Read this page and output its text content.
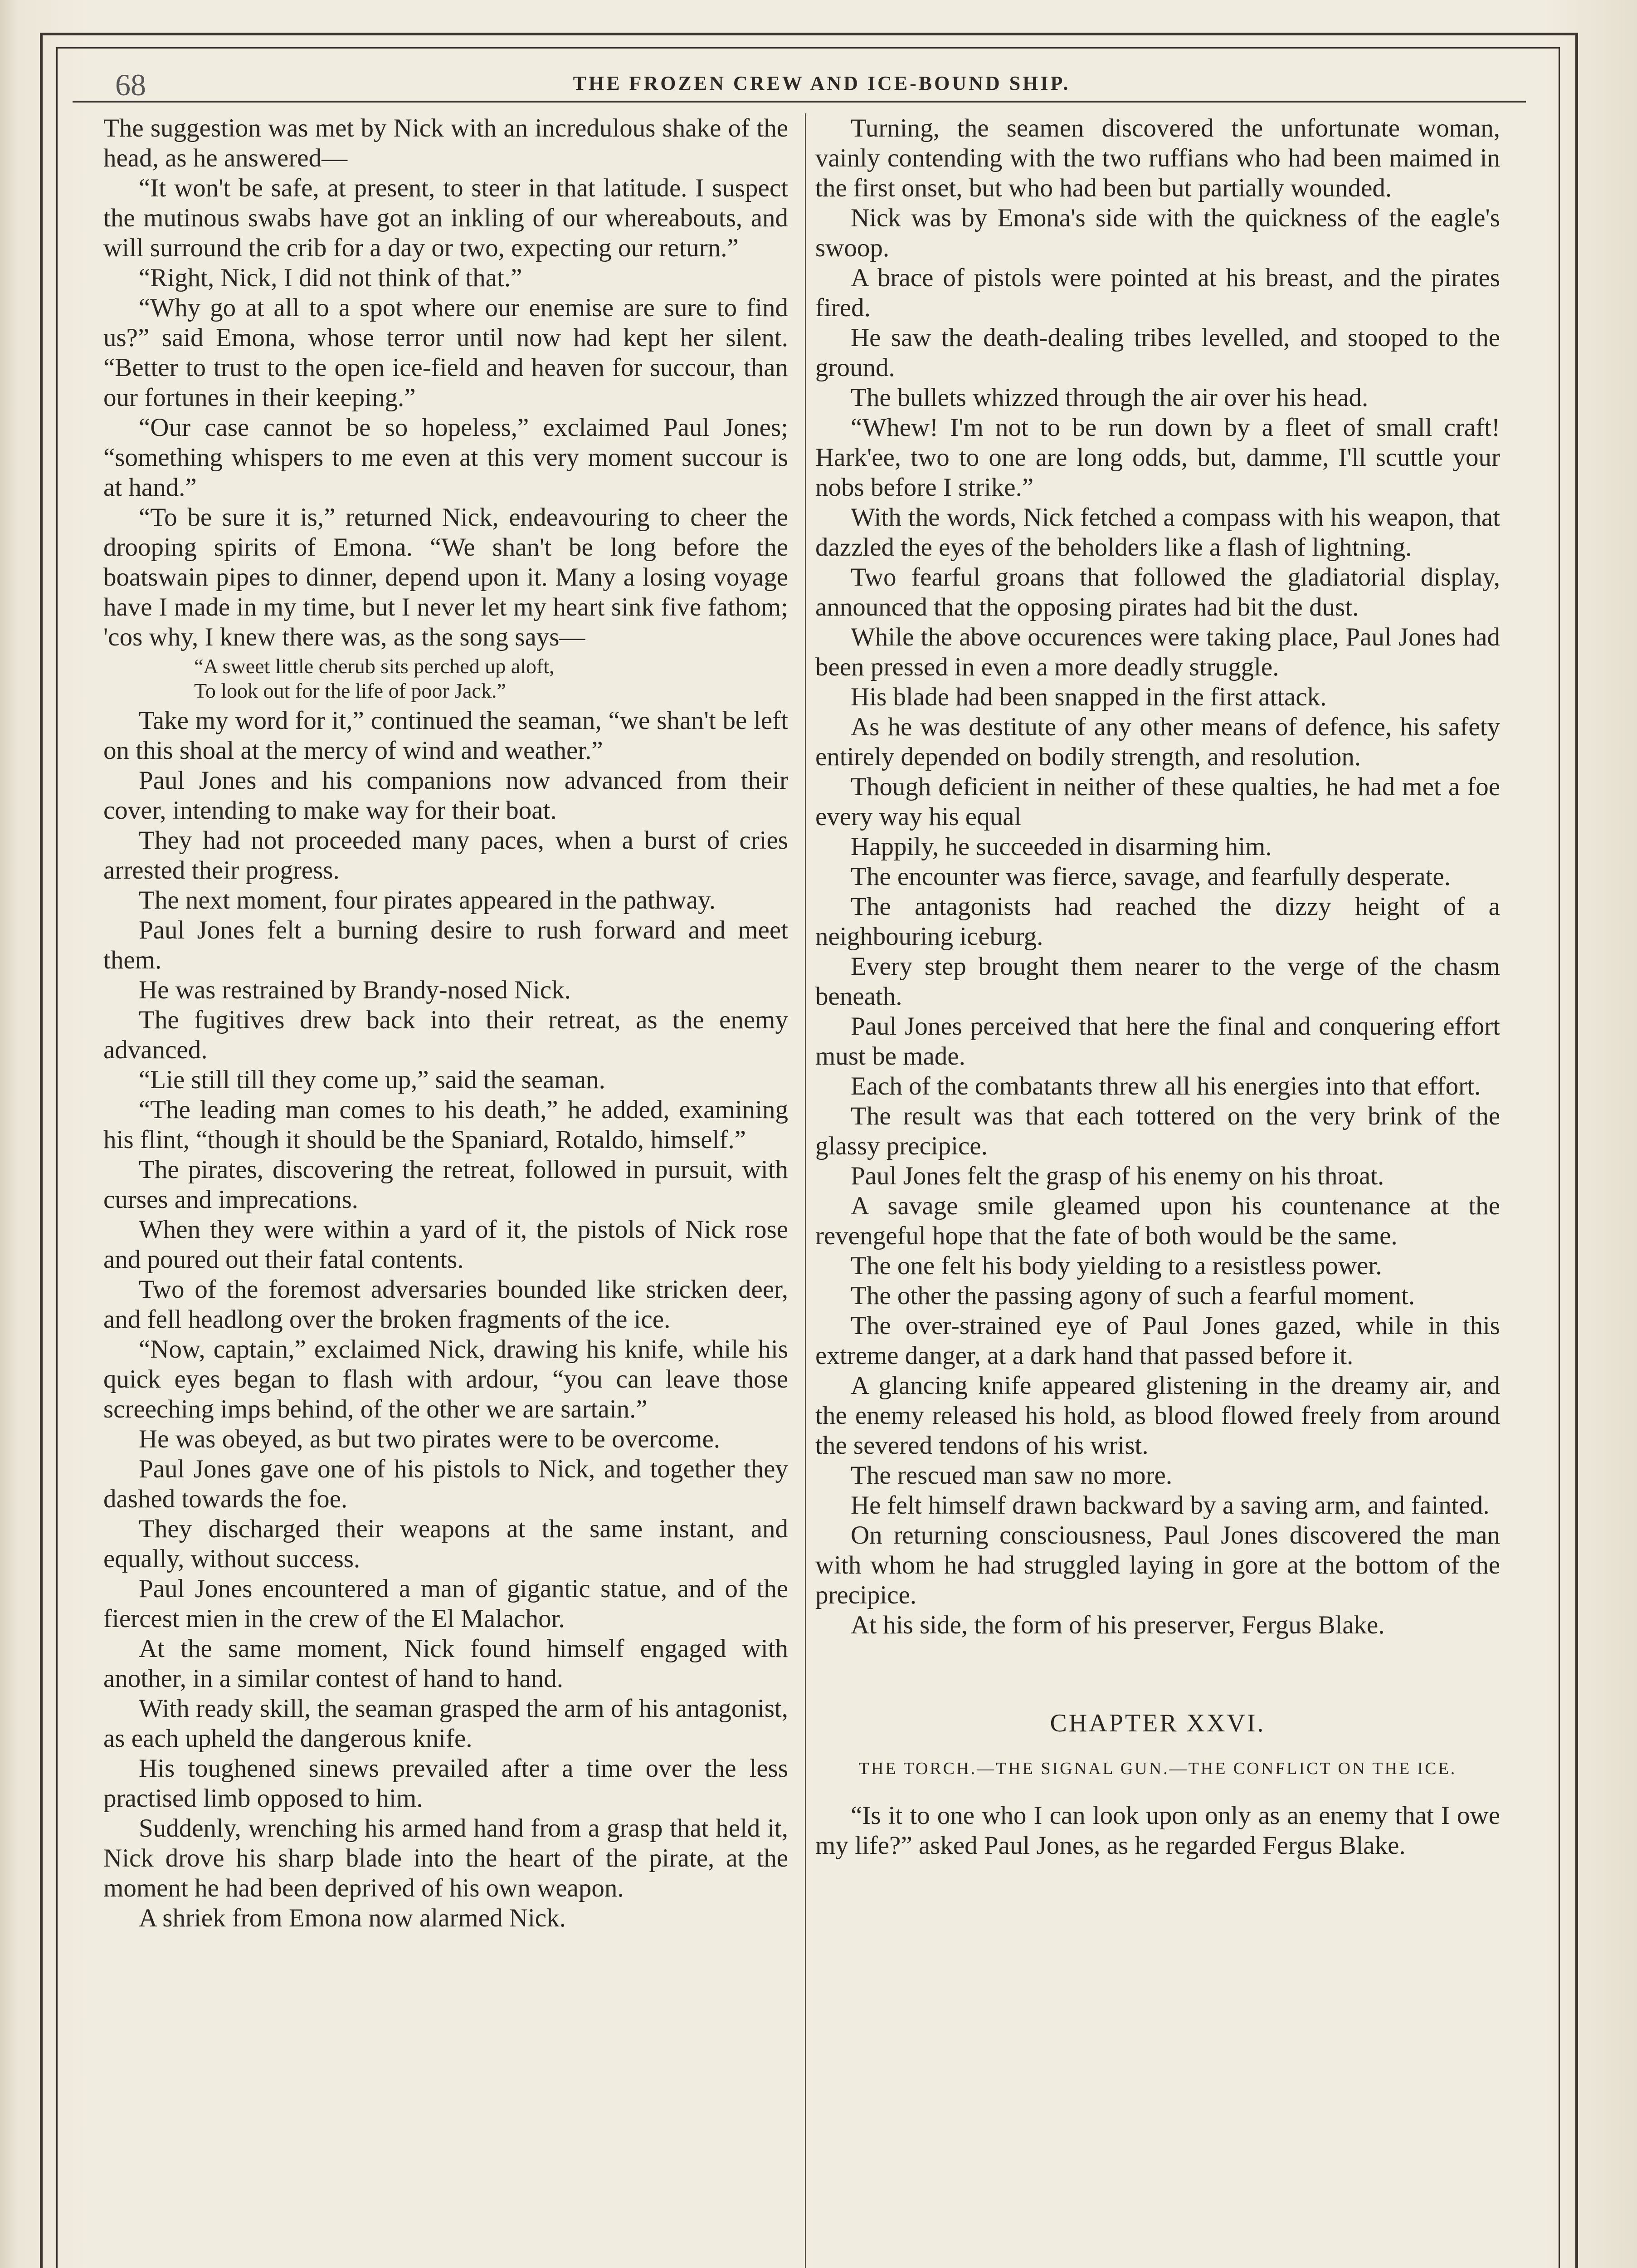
68	THE FROZEN CREW AND ICE-BOUND SHIP.

The suggestion was met by Nick with an incredulous shake of the head, as he answered—

“It won't be safe, at present, to steer in that latitude. I suspect the mutinous swabs have got an inkling of our whereabouts, and will surround the crib for a day or two, expecting our return.”

“Right, Nick, I did not think of that.”

“Why go at all to a spot where our enemise are sure to find us?” said Emona, whose terror until now had kept her silent. “Better to trust to the open ice-field and heaven for succour, than our fortunes in their keeping.”

“Our case cannot be so hopeless,” exclaimed Paul Jones; “something whispers to me even at this very moment succour is at hand.”

“To be sure it is,” returned Nick, endeavouring to cheer the drooping spirits of Emona. “We shan't be long before the boatswain pipes to dinner, depend upon it. Many a losing voyage have I made in my time, but I never let my heart sink five fathom; 'cos why, I knew there was, as the song says—

“A sweet little cherub sits perched up aloft,
To look out for the life of poor Jack.”

Take my word for it,” continued the seaman, “we shan't be left on this shoal at the mercy of wind and weather.”

Paul Jones and his companions now advanced from their cover, intending to make way for their boat.

They had not proceeded many paces, when a burst of cries arrested their progress.

The next moment, four pirates appeared in the pathway.

Paul Jones felt a burning desire to rush forward and meet them.

He was restrained by Brandy-nosed Nick.

The fugitives drew back into their retreat, as the enemy advanced.

“Lie still till they come up,” said the seaman.

“The leading man comes to his death,” he added, examining his flint, “though it should be the Spaniard, Rotaldo, himself.”

The pirates, discovering the retreat, followed in pursuit, with curses and imprecations.

When they were within a yard of it, the pistols of Nick rose and poured out their fatal contents.

Two of the foremost adversaries bounded like stricken deer, and fell headlong over the broken fragments of the ice.

“Now, captain,” exclaimed Nick, drawing his knife, while his quick eyes began to flash with ardour, “you can leave those screeching imps behind, of the other we are sartain.”

He was obeyed, as but two pirates were to be overcome.

Paul Jones gave one of his pistols to Nick, and together they dashed towards the foe.

They discharged their weapons at the same instant, and equally, without success.

Paul Jones encountered a man of gigantic statue, and of the fiercest mien in the crew of the El Malachor.

At the same moment, Nick found himself engaged with another, in a similar contest of hand to hand.

With ready skill, the seaman grasped the arm of his antagonist, as each upheld the dangerous knife.

His toughened sinews prevailed after a time over the less practised limb opposed to him.

Suddenly, wrenching his armed hand from a grasp that held it, Nick drove his sharp blade into the heart of the pirate, at the moment he had been deprived of his own weapon.

A shriek from Emona now alarmed Nick.

Turning, the seamen discovered the unfortunate woman, vainly contending with the two ruffians who had been maimed in the first onset, but who had been but partially wounded.

Nick was by Emona's side with the quickness of the eagle's swoop.

A brace of pistols were pointed at his breast, and the pirates fired.

He saw the death-dealing tribes levelled, and stooped to the ground.

The bullets whizzed through the air over his head.

“Whew! I'm not to be run down by a fleet of small craft! Hark'ee, two to one are long odds, but, damme, I'll scuttle your nobs before I strike.”

With the words, Nick fetched a compass with his weapon, that dazzled the eyes of the beholders like a flash of lightning.

Two fearful groans that followed the gladiatorial display, announced that the opposing pirates had bit the dust.

While the above occurences were taking place, Paul Jones had been pressed in even a more deadly struggle.

His blade had been snapped in the first attack.

As he was destitute of any other means of defence, his safety entirely depended on bodily strength, and resolution.

Though deficient in neither of these qualties, he had met a foe every way his equal

Happily, he succeeded in disarming him.

The encounter was fierce, savage, and fearfully desperate.

The antagonists had reached the dizzy height of a neighbouring iceburg.

Every step brought them nearer to the verge of the chasm beneath.

Paul Jones perceived that here the final and conquering effort must be made.

Each of the combatants threw all his energies into that effort.

The result was that each tottered on the very brink of the glassy precipice.

Paul Jones felt the grasp of his enemy on his throat.

A savage smile gleamed upon his countenance at the revengeful hope that the fate of both would be the same.

The one felt his body yielding to a resistless power.

The other the passing agony of such a fearful moment.

The over-strained eye of Paul Jones gazed, while in this extreme danger, at a dark hand that passed before it.

A glancing knife appeared glistening in the dreamy air, and the enemy released his hold, as blood flowed freely from around the severed tendons of his wrist.

The rescued man saw no more.

He felt himself drawn backward by a saving arm, and fainted.

On returning consciousness, Paul Jones discovered the man with whom he had struggled laying in gore at the bottom of the precipice.

At his side, the form of his preserver, Fergus Blake.

CHAPTER XXVI.
THE TORCH.—THE SIGNAL GUN.—THE CONFLICT ON THE ICE.

“Is it to one who I can look upon only as an enemy that I owe my life?” asked Paul Jones, as he regarded Fergus Blake.
